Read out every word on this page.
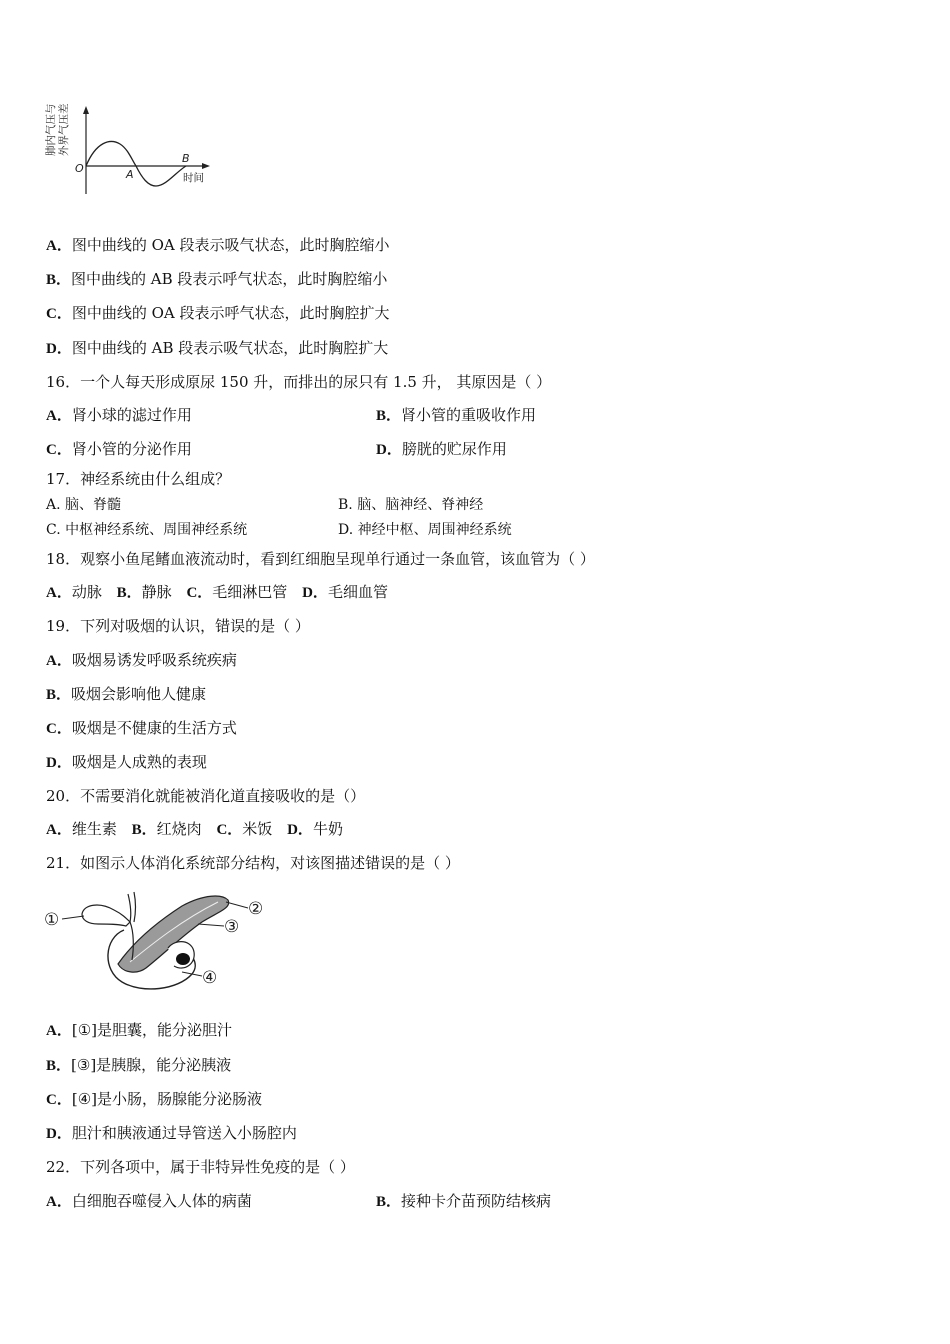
肺内气压与 外界气压差
O	A
B
时间
A．图中曲线的 OA 段表示吸气状态，此时胸腔缩小
B．图中曲线的 AB 段表示呼气状态，此时胸腔缩小
C．图中曲线的 OA 段表示呼气状态，此时胸腔扩大
D．图中曲线的 AB 段表示吸气状态，此时胸腔扩大
16．一个人每天形成原尿 150 升，而排出的尿只有 1.5 升， 其原因是（ ）
A．肾小球的滤过作用	B．肾小管的重吸收作用
C．肾小管的分泌作用	D．膀胱的贮尿作用
17．神经系统由什么组成？
A. 脑、脊髓	B. 脑、脑神经、脊神经
C. 中枢神经系统、周围神经系统	D. 神经中枢、周围神经系统
18．观察小鱼尾鳍血液流动时，看到红细胞呈现单行通过一条血管，该血管为（ ）
A．动脉 B．静脉 C．毛细淋巴管 D．毛细血管
19．下列对吸烟的认识，错误的是（ ）
A．吸烟易诱发呼吸系统疾病
B．吸烟会影响他人健康
C．吸烟是不健康的生活方式
D．吸烟是人成熟的表现
20．不需要消化就能被消化道直接吸收的是（）
A．维生素 B．红烧肉 C．米饭 D．牛奶
21．如图示人体消化系统部分结构，对该图描述错误的是（ ）
①
②
③
④
A．[①]是胆囊，能分泌胆汁
B．[③]是胰腺，能分泌胰液
C．[④]是小肠，肠腺能分泌肠液
D．胆汁和胰液通过导管送入小肠腔内
22．下列各项中，属于非特异性免疫的是（ ）
A．白细胞吞噬侵入人体的病菌	B．接种卡介苗预防结核病
